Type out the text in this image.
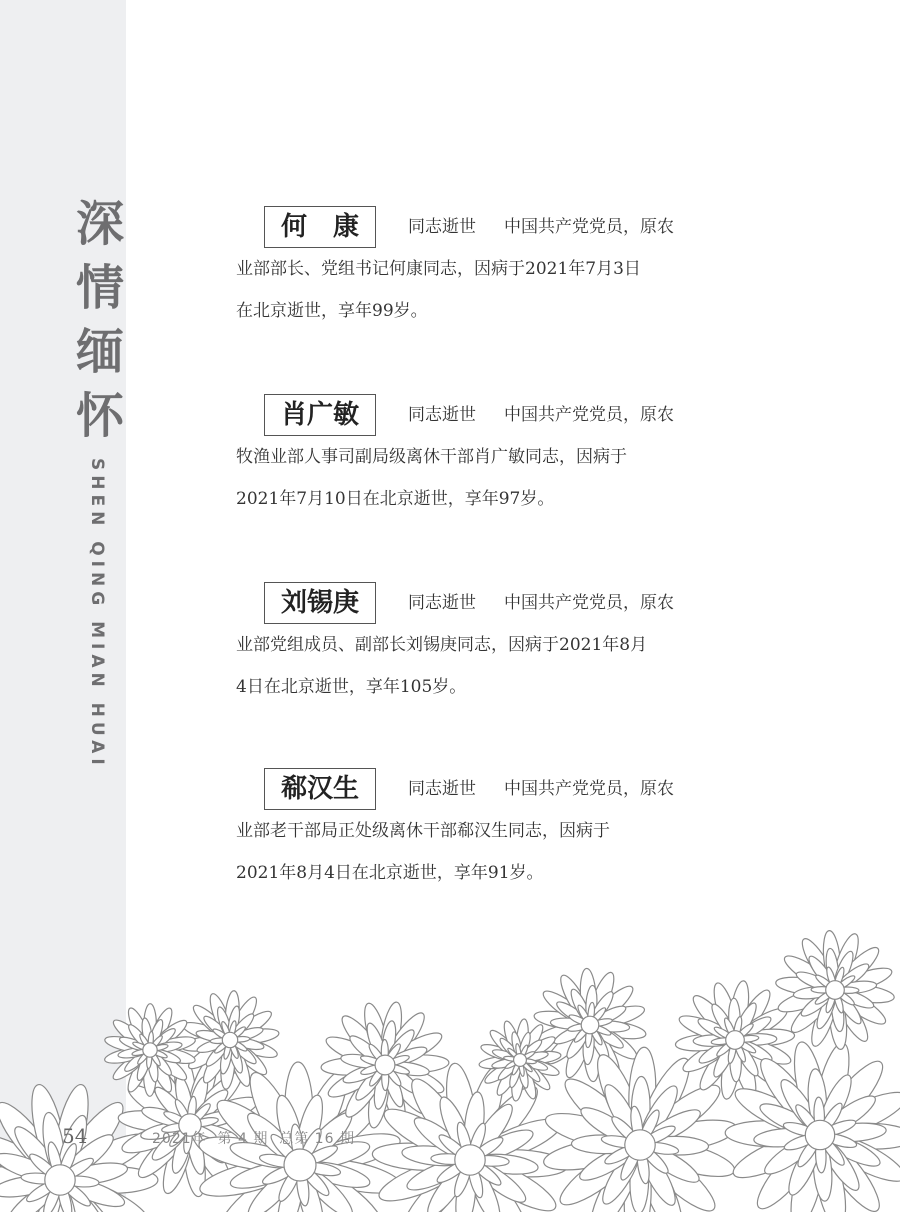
深
情
缅
怀
SHEN QING MIAN HUAI
何　康	同志逝世 中国共产党党员，原农
业部部长、党组书记何康同志，因病于2021年7月3日
在北京逝世，享年99岁。
肖广敏	同志逝世 中国共产党党员，原农
牧渔业部人事司副局级离休干部肖广敏同志，因病于
2021年7月10日在北京逝世，享年97岁。
刘锡庚	同志逝世 中国共产党党员，原农
业部党组成员、副部长刘锡庚同志，因病于2021年8月
4日在北京逝世，享年105岁。
郗汉生	同志逝世 中国共产党党员，原农
业部老干部局正处级离休干部郗汉生同志，因病于
2021年8月4日在北京逝世，享年91岁。
54	2021年  第 4 期  总第 16 期
